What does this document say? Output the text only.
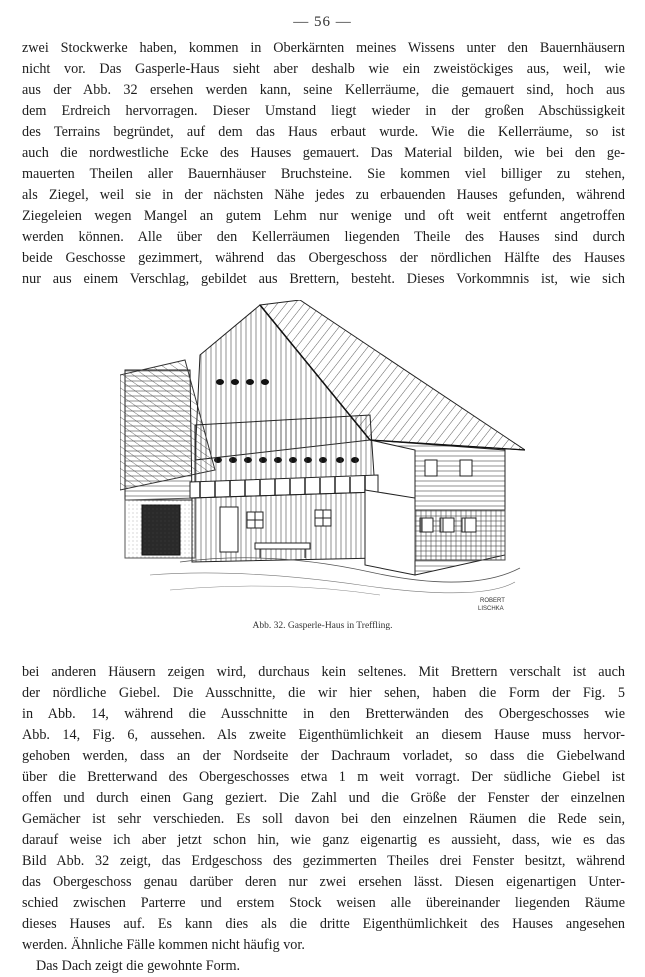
— 56 —
zwei Stockwerke haben, kommen in Oberkärnten meines Wissens unter den Bauernhäusern
nicht vor. Das Gasperle-Haus sieht aber deshalb wie ein zweistöckiges aus, weil, wie
aus der Abb. 32 ersehen werden kann, seine Kellerräume, die gemauert sind, hoch aus
dem Erdreich hervorragen. Dieser Umstand liegt wieder in der großen Abschüssigkeit
des Terrains begründet, auf dem das Haus erbaut wurde. Wie die Kellerräume, so ist
auch die nordwestliche Ecke des Hauses gemauert. Das Material bilden, wie bei den ge-
mauerten Theilen aller Bauernhäuser Bruchsteine. Sie kommen viel billiger zu stehen,
als Ziegel, weil sie in der nächsten Nähe jedes zu erbauenden Hauses gefunden, während
Ziegeleien wegen Mangel an gutem Lehm nur wenige und oft weit entfernt angetroffen
werden können. Alle über den Kellerräumen liegenden Theile des Hauses sind durch
beide Geschosse gezimmert, während das Obergeschoss der nördlichen Hälfte des Hauses
nur aus einem Verschlag, gebildet aus Brettern, besteht. Dieses Vorkommnis ist, wie sich
ROBERT
LISCHKA
Abb. 32. Gasperle-Haus in Treffling.
bei anderen Häusern zeigen wird, durchaus kein seltenes. Mit Brettern verschalt ist auch
der nördliche Giebel. Die Ausschnitte, die wir hier sehen, haben die Form der Fig. 5
in Abb. 14, während die Ausschnitte in den Bretterwänden des Obergeschosses wie
Abb. 14, Fig. 6, aussehen. Als zweite Eigenthümlichkeit an diesem Hause muss hervor-
gehoben werden, dass an der Nordseite der Dachraum vorladet, so dass die Giebelwand
über die Bretterwand des Obergeschosses etwa 1 m weit vorragt. Der südliche Giebel ist
offen und durch einen Gang geziert. Die Zahl und die Größe der Fenster der einzelnen
Gemächer ist sehr verschieden. Es soll davon bei den einzelnen Räumen die Rede sein,
darauf weise ich aber jetzt schon hin, wie ganz eigenartig es aussieht, dass, wie es das
Bild Abb. 32 zeigt, das Erdgeschoss des gezimmerten Theiles drei Fenster besitzt, während
das Obergeschoss genau darüber deren nur zwei ersehen lässt. Diesen eigenartigen Unter-
schied zwischen Parterre und erstem Stock weisen alle übereinander liegenden Räume
dieses Hauses auf. Es kann dies als die dritte Eigenthümlichkeit des Hauses angesehen
werden. Ähnliche Fälle kommen nicht häufig vor.
Das Dach zeigt die gewohnte Form.
